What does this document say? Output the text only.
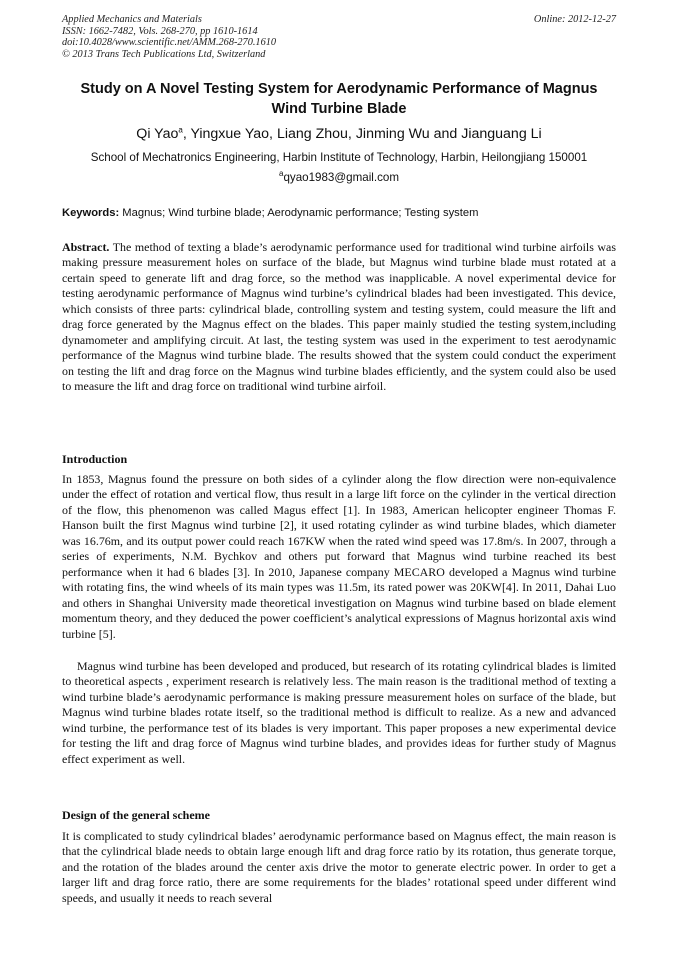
Applied Mechanics and Materials
ISSN: 1662-7482, Vols. 268-270, pp 1610-1614
doi:10.4028/www.scientific.net/AMM.268-270.1610
© 2013 Trans Tech Publications Ltd, Switzerland
Online: 2012-12-27
Study on A Novel Testing System for Aerodynamic Performance of Magnus Wind Turbine Blade
Qi Yao$^a$, Yingxue Yao, Liang Zhou, Jinming Wu and Jianguang Li
School of Mechatronics Engineering, Harbin Institute of Technology, Harbin, Heilongjiang 150001
$^a$qyao1983@gmail.com
Keywords: Magnus; Wind turbine blade; Aerodynamic performance; Testing system
Abstract. The method of texting a blade’s aerodynamic performance used for traditional wind turbine airfoils was making pressure measurement holes on surface of the blade, but Magnus wind turbine blade must rotated at a certain speed to generate lift and drag force, so the method was inapplicable. A novel experimental device for testing aerodynamic performance of Magnus wind turbine’s cylindrical blades had been investigated. This device, which consists of three parts: cylindrical blade, controlling system and testing system, could measure the lift and drag force generated by the Magnus effect on the blades. This paper mainly studied the testing system,including dynamometer and amplifying circuit. At last, the testing system was used in the experiment to test aerodynamic performance of the Magnus wind turbine blade. The results showed that the system could conduct the experiment on testing the lift and drag force on the Magnus wind turbine blades efficiently, and the system could also be used to measure the lift and drag force on traditional wind turbine airfoil.
Introduction

In 1853, Magnus found the pressure on both sides of a cylinder along the flow direction were non-equivalence under the effect of rotation and vertical flow, thus result in a large lift force on the cylinder in the vertical direction of the flow, this phenomenon was called Magus effect [1]. In 1983, American helicopter engineer Thomas F. Hanson built the first Magnus wind turbine [2], it used rotating cylinder as wind turbine blades, which diameter was 16.76m, and its output power could reach 167KW when the rated wind speed was 17.8m/s. In 2007, through a series of experiments, N.M. Bychkov and others put forward that Magnus wind turbine reached its best performance when it had 6 blades [3]. In 2010, Japanese company MECARO developed a Magnus wind turbine with rotating fins, the wind wheels of its main types was 11.5m, its rated power was 20KW[4]. In 2011, Dahai Luo and others in Shanghai University made theoretical investigation on Magnus wind turbine based on blade element momentum theory, and they deduced the power coefficient’s analytical expressions of Magnus horizontal axis wind turbine [5].

Magnus wind turbine has been developed and produced, but research of its rotating cylindrical blades is limited to theoretical aspects , experiment research is relatively less. The main reason is the traditional method of texting a wind turbine blade’s aerodynamic performance is making pressure measurement holes on surface of the blade, but Magnus wind turbine blades rotate itself, so the traditional method is difficult to realize. As a new and advanced wind turbine, the performance test of its blades is very important. This paper proposes a new experimental device for testing the lift and drag force of Magnus wind turbine blades, and provides ideas for further study of Magnus effect experiment as well.

Design of the general scheme

It is complicated to study cylindrical blades’ aerodynamic performance based on Magnus effect, the main reason is that the cylindrical blade needs to obtain large enough lift and drag force ratio by its rotation, thus generate torque, and the rotation of the blades around the center axis drive the motor to generate electric power. In order to get a larger lift and drag force ratio, there are some requirements for the blades’ rotational speed under different wind speeds, and usually it needs to reach several
